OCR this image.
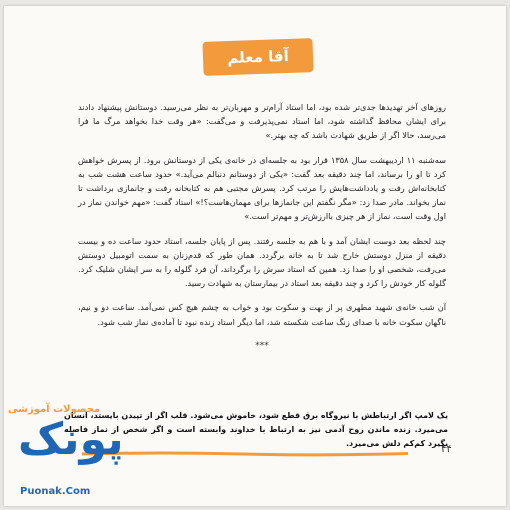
آقا معلم

روزهای آخر تهدیدها جدی‌تر شده بود، اما استاد آرام‌تر و مهربان‌تر به نظر می‌رسید. دوستانش پیشنهاد دادند برای ایشان محافظ گذاشته شود، اما استاد نمی‌پذیرفت و می‌گفت: «هر وقت خدا بخواهد مرگ ما فرا می‌رسد، حالا اگر از طریق شهادت باشد که چه بهتر.»

سه‌شنبه ۱۱ اردیبهشت سال ۱۳۵۸ قرار بود به جلسه‌ای در خانه‌ی یکی از دوستانش برود. از پسرش خواهش کرد تا او را برساند، اما چند دقیقه بعد گفت: «یکی از دوستانم دنبالم می‌آید.» حدود ساعت هشت شب به کتابخانه‌اش رفت و یادداشت‌هایش را مرتب کرد. پسرش مجتبی هم به کتابخانه رفت و جانمازی برداشت تا نماز بخواند. مادر صدا زد: «مگر نگفتم این جانمازها برای مهمان‌هاست؟!» استاد گفت: «مهم خواندن نماز در اول وقت است، نماز از هر چیزی باارزش‌تر و مهم‌تر است.»

چند لحظه بعد دوست ایشان آمد و با هم به جلسه رفتند. پس از پایان جلسه، استاد حدود ساعت ده و بیست دقیقه از منزل دوستش خارج شد تا به خانه برگردد. همان طور که قدم‌زنان به سمت اتومبیل دوستش می‌رفت، شخصی او را صدا زد. همین که استاد سرش را برگرداند، آن فرد گلوله را به سر ایشان شلیک کرد. گلوله کار خودش را کرد و چند دقیقه بعد استاد در بیمارستان به شهادت رسید.

آن شب خانه‌ی شهید مطهری پر از بهت و سکوت بود و خواب به چشم هیچ کس نمی‌آمد. ساعت دو و نیم، ناگهان سکوت خانه با صدای زنگ ساعت شکسته شد، اما دیگر استاد زنده نبود تا آماده‌ی نماز شب شود.

***
یک لامپ اگر ارتباطش با نیروگاه برق قطع شود، خاموش می‌شود. قلب اگر از تپیدن بایستد، انسان می‌میرد. زنده ماندن روح آدمی نیز به ارتباط با خداوند وابسته است و اگر شخص از نماز فاصله بگیرد کم‌کم دلش می‌میرد.
۴۴
محصولات آموزشی
پونک
Puonak.Com
